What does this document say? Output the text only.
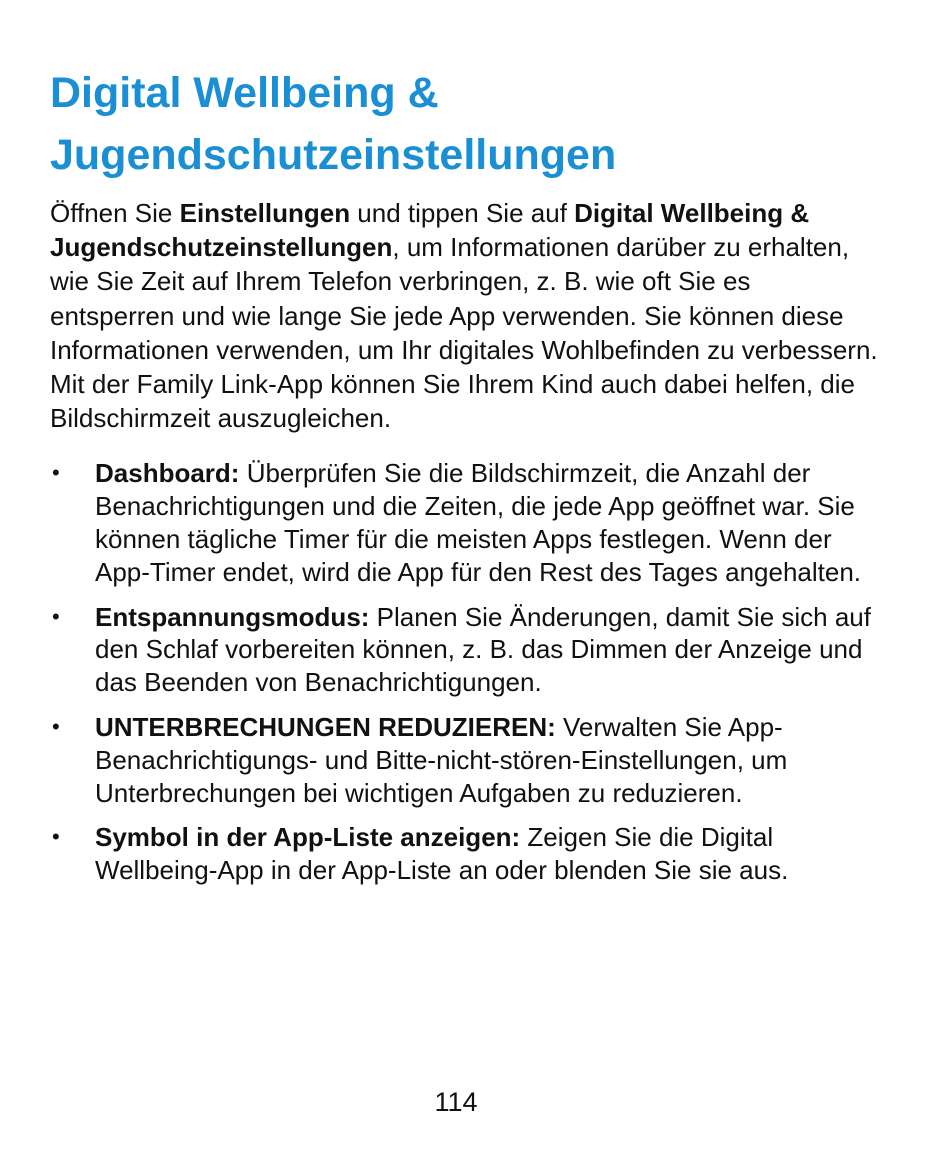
Digital Wellbeing &
Jugendschutzeinstellungen

Öffnen Sie Einstellungen und tippen Sie auf Digital Wellbeing & Jugendschutzeinstellungen, um Informationen darüber zu erhalten, wie Sie Zeit auf Ihrem Telefon verbringen, z. B. wie oft Sie es entsperren und wie lange Sie jede App verwenden. Sie können diese Informationen verwenden, um Ihr digitales Wohlbefinden zu verbessern. Mit der Family Link-App können Sie Ihrem Kind auch dabei helfen, die Bildschirmzeit auszugleichen.

• Dashboard: Überprüfen Sie die Bildschirmzeit, die Anzahl der Benachrichtigungen und die Zeiten, die jede App geöffnet war. Sie können tägliche Timer für die meisten Apps festlegen. Wenn der App-Timer endet, wird die App für den Rest des Tages angehalten.
• Entspannungsmodus: Planen Sie Änderungen, damit Sie sich auf den Schlaf vorbereiten können, z. B. das Dimmen der Anzeige und das Beenden von Benachrichtigungen.
• UNTERBRECHUNGEN REDUZIEREN: Verwalten Sie App-Benachrichtigungs- und Bitte-nicht-stören-Einstellungen, um Unterbrechungen bei wichtigen Aufgaben zu reduzieren.
• Symbol in der App-Liste anzeigen: Zeigen Sie die Digital Wellbeing-App in der App-Liste an oder blenden Sie sie aus.
114
